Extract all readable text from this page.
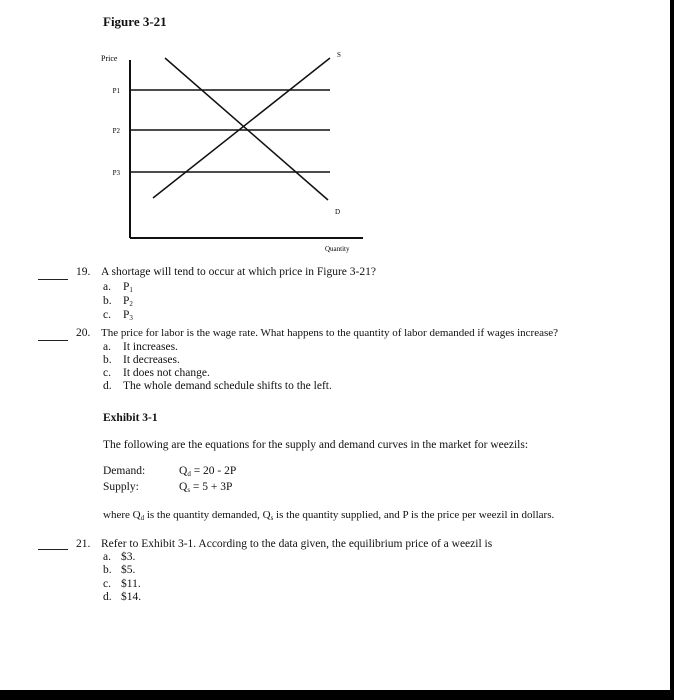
Figure 3-21
Price
P1
P2
P3
S
D
Quantity
19. A shortage will tend to occur at which price in Figure 3-21?
a. $P_1$
b. $P_2$
c. $P_3$
20. The price for labor is the wage rate. What happens to the quantity of labor demanded if wages increase?
a. It increases.
b. It decreases.
c. It does not change.
d. The whole demand schedule shifts to the left.
Exhibit 3-1
The following are the equations for the supply and demand curves in the market for weezils:
Demand:	$Q_d = 20 - 2P$
Supply:	$Q_s = 5 + 3P$
where $Q_d$ is the quantity demanded, $Q_s$ is the quantity supplied, and P is the price per weezil in dollars.
21. Refer to Exhibit 3-1. According to the data given, the equilibrium price of a weezil is
a. $3.
b. $5.
c. $11.
d. $14.
